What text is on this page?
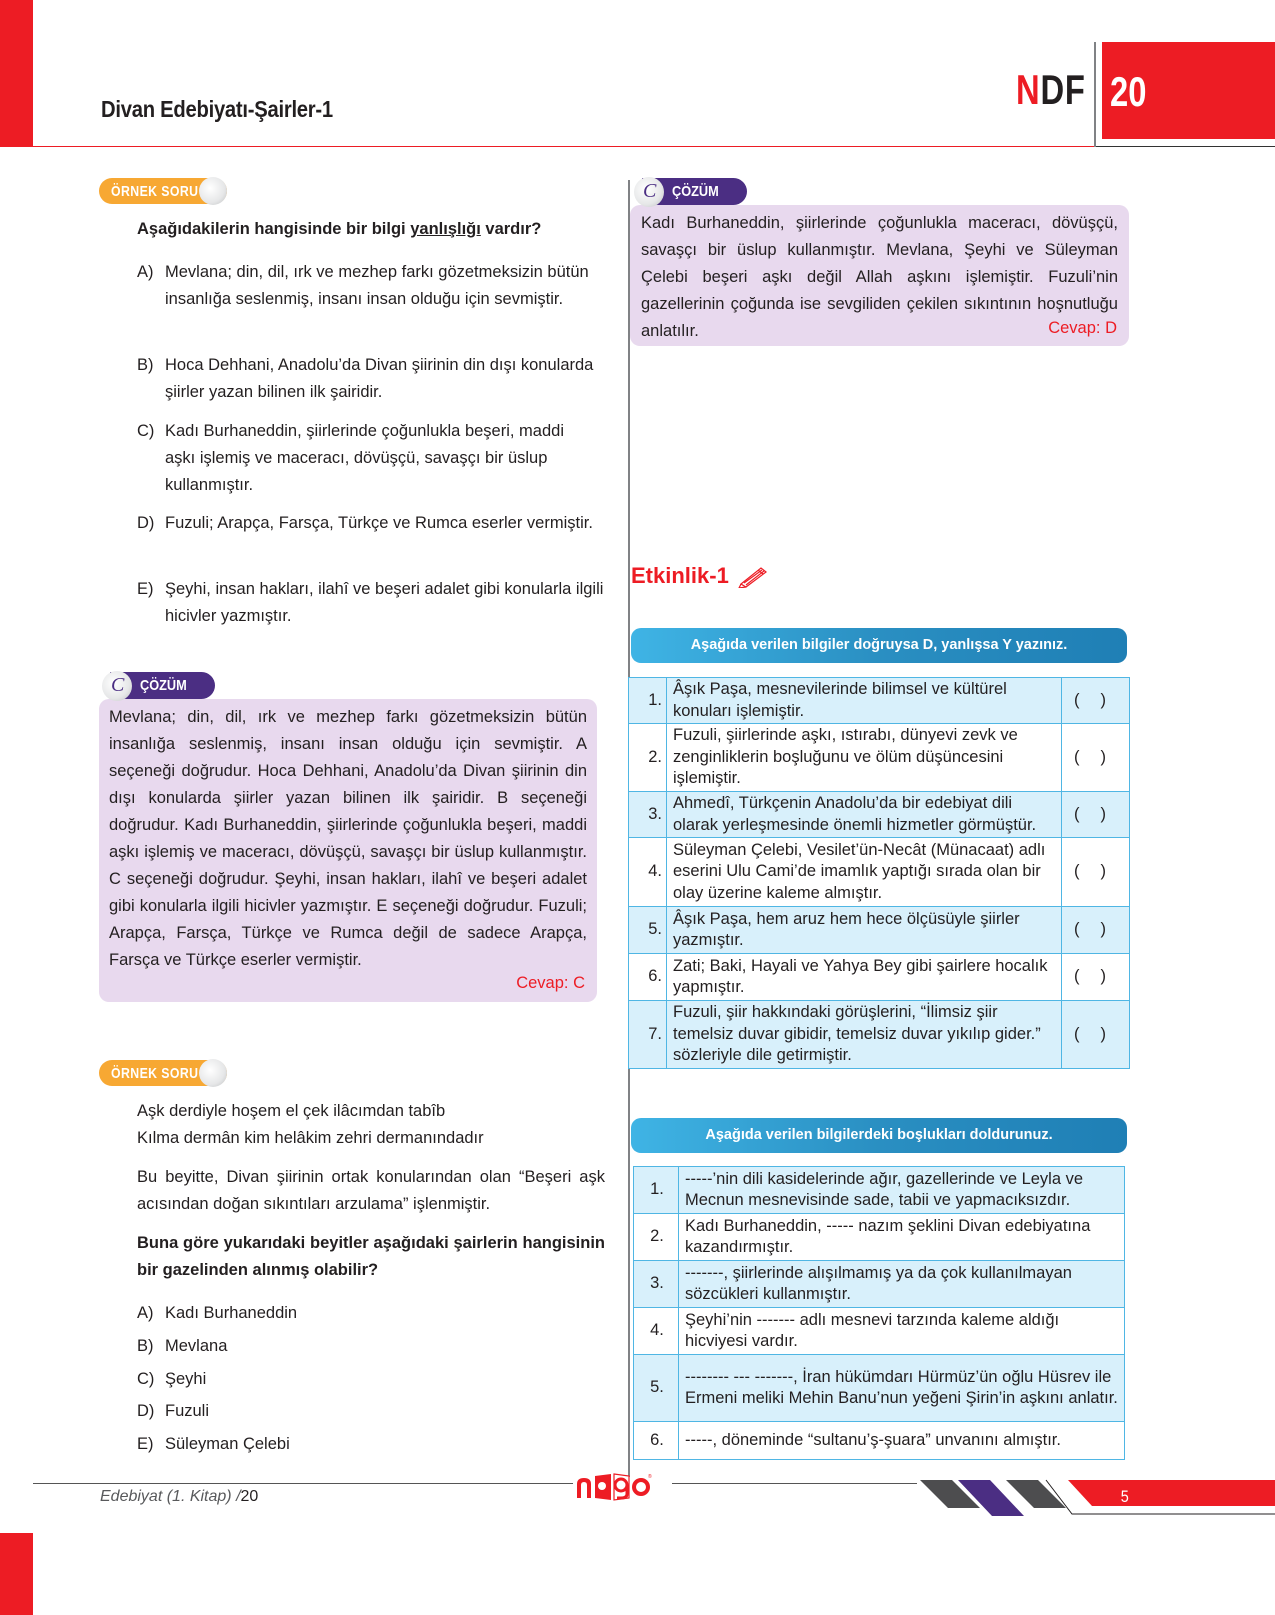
Divan Edebiyatı-Şairler-1	NDF 20
ÖRNEK SORU
Aşağıdakilerin hangisinde bir bilgi yanlışlığı vardır?
A) Mevlana; din, dil, ırk ve mezhep farkı gözetmeksizin bütün insanlığa seslenmiş, insanı insan olduğu için sevmiştir.
B) Hoca Dehhani, Anadolu’da Divan şiirinin din dışı konularda şiirler yazan bilinen ilk şairidir.
C) Kadı Burhaneddin, şiirlerinde çoğunlukla beşeri, maddi aşkı işlemiş ve maceracı, dövüşçü, savaşçı bir üslup kullanmıştır.
D) Fuzuli; Arapça, Farsça, Türkçe ve Rumca eserler vermiştir.
E) Şeyhi, insan hakları, ilahî ve beşeri adalet gibi konularla ilgili hicivler yazmıştır.
Mevlana; din, dil, ırk ve mezhep farkı gözetmeksizin bütün insanlığa seslenmiş, insanı insan olduğu için sevmiştir. A seçeneği doğrudur. Hoca Dehhani, Anadolu’da Divan şiirinin din dışı konularda şiirler yazan bilinen ilk şairidir. B seçeneği doğrudur. Kadı Burhaneddin, şiirlerinde çoğunlukla beşeri, maddi aşkı işlemiş ve maceracı, dövüşçü, savaşçı bir üslup kullanmıştır. C seçeneği doğrudur. Şeyhi, insan hakları, ilahî ve beşeri adalet gibi konularla ilgili hicivler yazmıştır. E seçeneği doğrudur. Fuzuli; Arapça, Farsça, Türkçe ve Rumca değil de sadece Arapça, Farsça ve Türkçe eserler vermiştir.
Cevap: C
C ÇÖZÜM
ÖRNEK SORU
Aşk derdiyle hoşem el çek ilâcımdan tabîb
Kılma dermân kim helâkim zehri dermanındadır
Bu beyitte, Divan şiirinin ortak konularından olan “Beşeri aşk acısından doğan sıkıntıları arzulama” işlenmiştir.
Buna göre yukarıdaki beyitler aşağıdaki şairlerin hangisinin bir gazelinden alınmış olabilir?
A) Kadı Burhaneddin
B) Mevlana
C) Şeyhi
D) Fuzuli
E) Süleyman Çelebi
Kadı Burhaneddin, şiirlerinde çoğunlukla maceracı, dövüşçü, savaşçı bir üslup kullanmıştır. Mevlana, Şeyhi ve Süleyman Çelebi beşeri aşkı değil Allah aşkını işlemiştir. Fuzuli’nin gazellerinin çoğunda ise sevgiliden çekilen sıkıntının hoşnutluğu anlatılır.	Cevap: D
C ÇÖZÜM
Etkinlik-1
Aşağıda verilen bilgiler doğruysa D, yanlışsa Y yazınız.
1.	Âşık Paşa, mesnevilerinde bilimsel ve kültürel konuları işlemiştir.	( )

2.	Fuzuli, şiirlerinde aşkı, ıstırabı, dünyevi zevk ve zenginliklerin boşluğunu ve ölüm düşüncesini işlemiştir.	( )

3.	Ahmedî, Türkçenin Anadolu’da bir edebiyat dili olarak yerleşmesinde önemli hizmetler görmüştür.	( )

4.	Süleyman Çelebi, Vesilet’ün-Necât (Münacaat) adlı eserini Ulu Cami’de imamlık yaptığı sırada olan bir olay üzerine kaleme almıştır.	( )

5.	Âşık Paşa, hem aruz hem hece ölçüsüyle şiirler yazmıştır.	( )

6.	Zati; Baki, Hayali ve Yahya Bey gibi şairlere hocalık yapmıştır.	( )

7.	Fuzuli, şiir hakkındaki görüşlerini, “İlimsiz şiir temelsiz duvar gibidir, temelsiz duvar yıkılıp gider.” sözleriyle dile getirmiştir.	( )
Aşağıda verilen bilgilerdeki boşlukları doldurunuz.
1.	-----’nin dili kasidelerinde ağır, gazellerinde ve Leyla ve Mecnun mesnevisinde sade, tabii ve yapmacıksızdır.
2.	Kadı Burhaneddin, ----- nazım şeklini Divan edebiyatına kazandırmıştır.
3.	-------, şiirlerinde alışılmamış ya da çok kullanılmayan sözcükleri kullanmıştır.
4.	Şeyhi’nin ------- adlı mesnevi tarzında kaleme aldığı hicviyesi vardır.
5.	-------- --- -------, İran hükümdarı Hürmüz’ün oğlu Hüsrev ile Ermeni meliki Mehin Banu’nun yeğeni Şirin’in aşkını anlatır.
6.	-----, döneminde “sultanu’ş-şuara” unvanını almıştır.
Edebiyat (1. Kitap) /20
®
5
